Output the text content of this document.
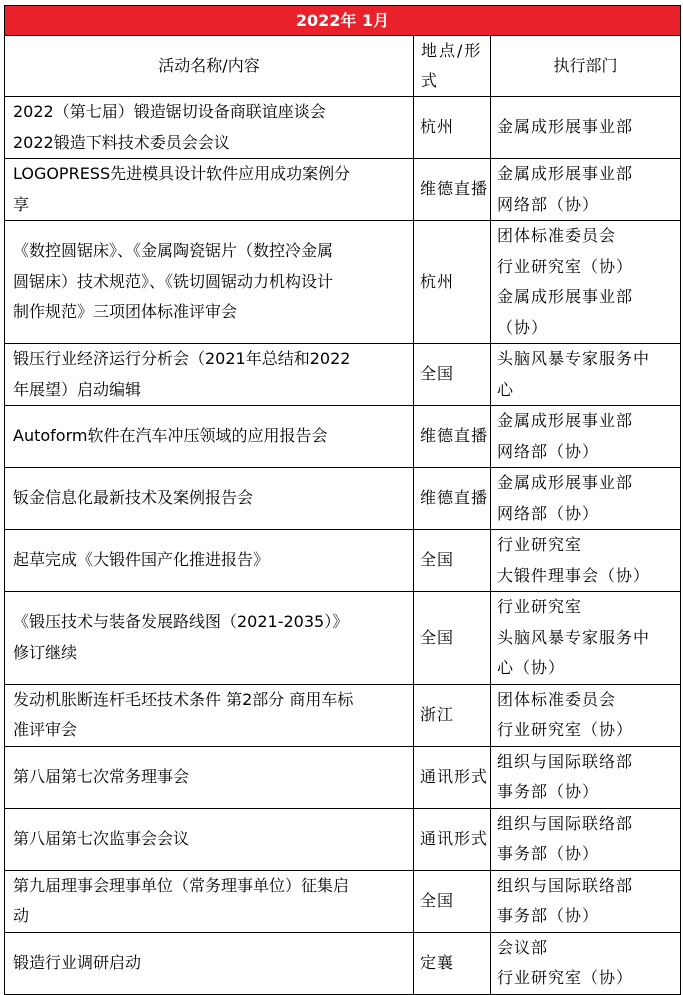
2022年 1月		
活动名称/内容	地点/形式	执行部门

2022（第七届）锻造锯切设备商联谊座谈会
2022锻造下料技术委员会会议	杭州	金属成形展事业部

LOGOPRESS先进模具设计软件应用成功案例分
享	维德直播	金属成形展事业部
网络部（协）

《数控圆锯床》、《金属陶瓷锯片（数控冷金属
圆锯床）技术规范》、《铣切圆锯动力机构设计
制作规范》三项团体标准评审会	杭州	团体标准委员会
行业研究室（协）
金属成形展事业部
（协）

锻压行业经济运行分析会（2021年总结和2022
年展望）启动编辑	全国	头脑风暴专家服务中
心

Autoform软件在汽车冲压领域的应用报告会	维德直播	金属成形展事业部
网络部（协）

钣金信息化最新技术及案例报告会	维德直播	金属成形展事业部
网络部（协）

起草完成《大锻件国产化推进报告》	全国	行业研究室
大锻件理事会（协）

《锻压技术与装备发展路线图（2021-2035）》
修订继续	全国	行业研究室
头脑风暴专家服务中
心（协）

发动机胀断连杆毛坯技术条件 第2部分 商用车标
准评审会	浙江	团体标准委员会
行业研究室（协）

第八届第七次常务理事会	通讯形式	组织与国际联络部
事务部（协）

第八届第七次监事会会议	通讯形式	组织与国际联络部
事务部（协）

第九届理事会理事单位（常务理事单位）征集启
动	全国	组织与国际联络部
事务部（协）

锻造行业调研启动	定襄	会议部
行业研究室（协）
